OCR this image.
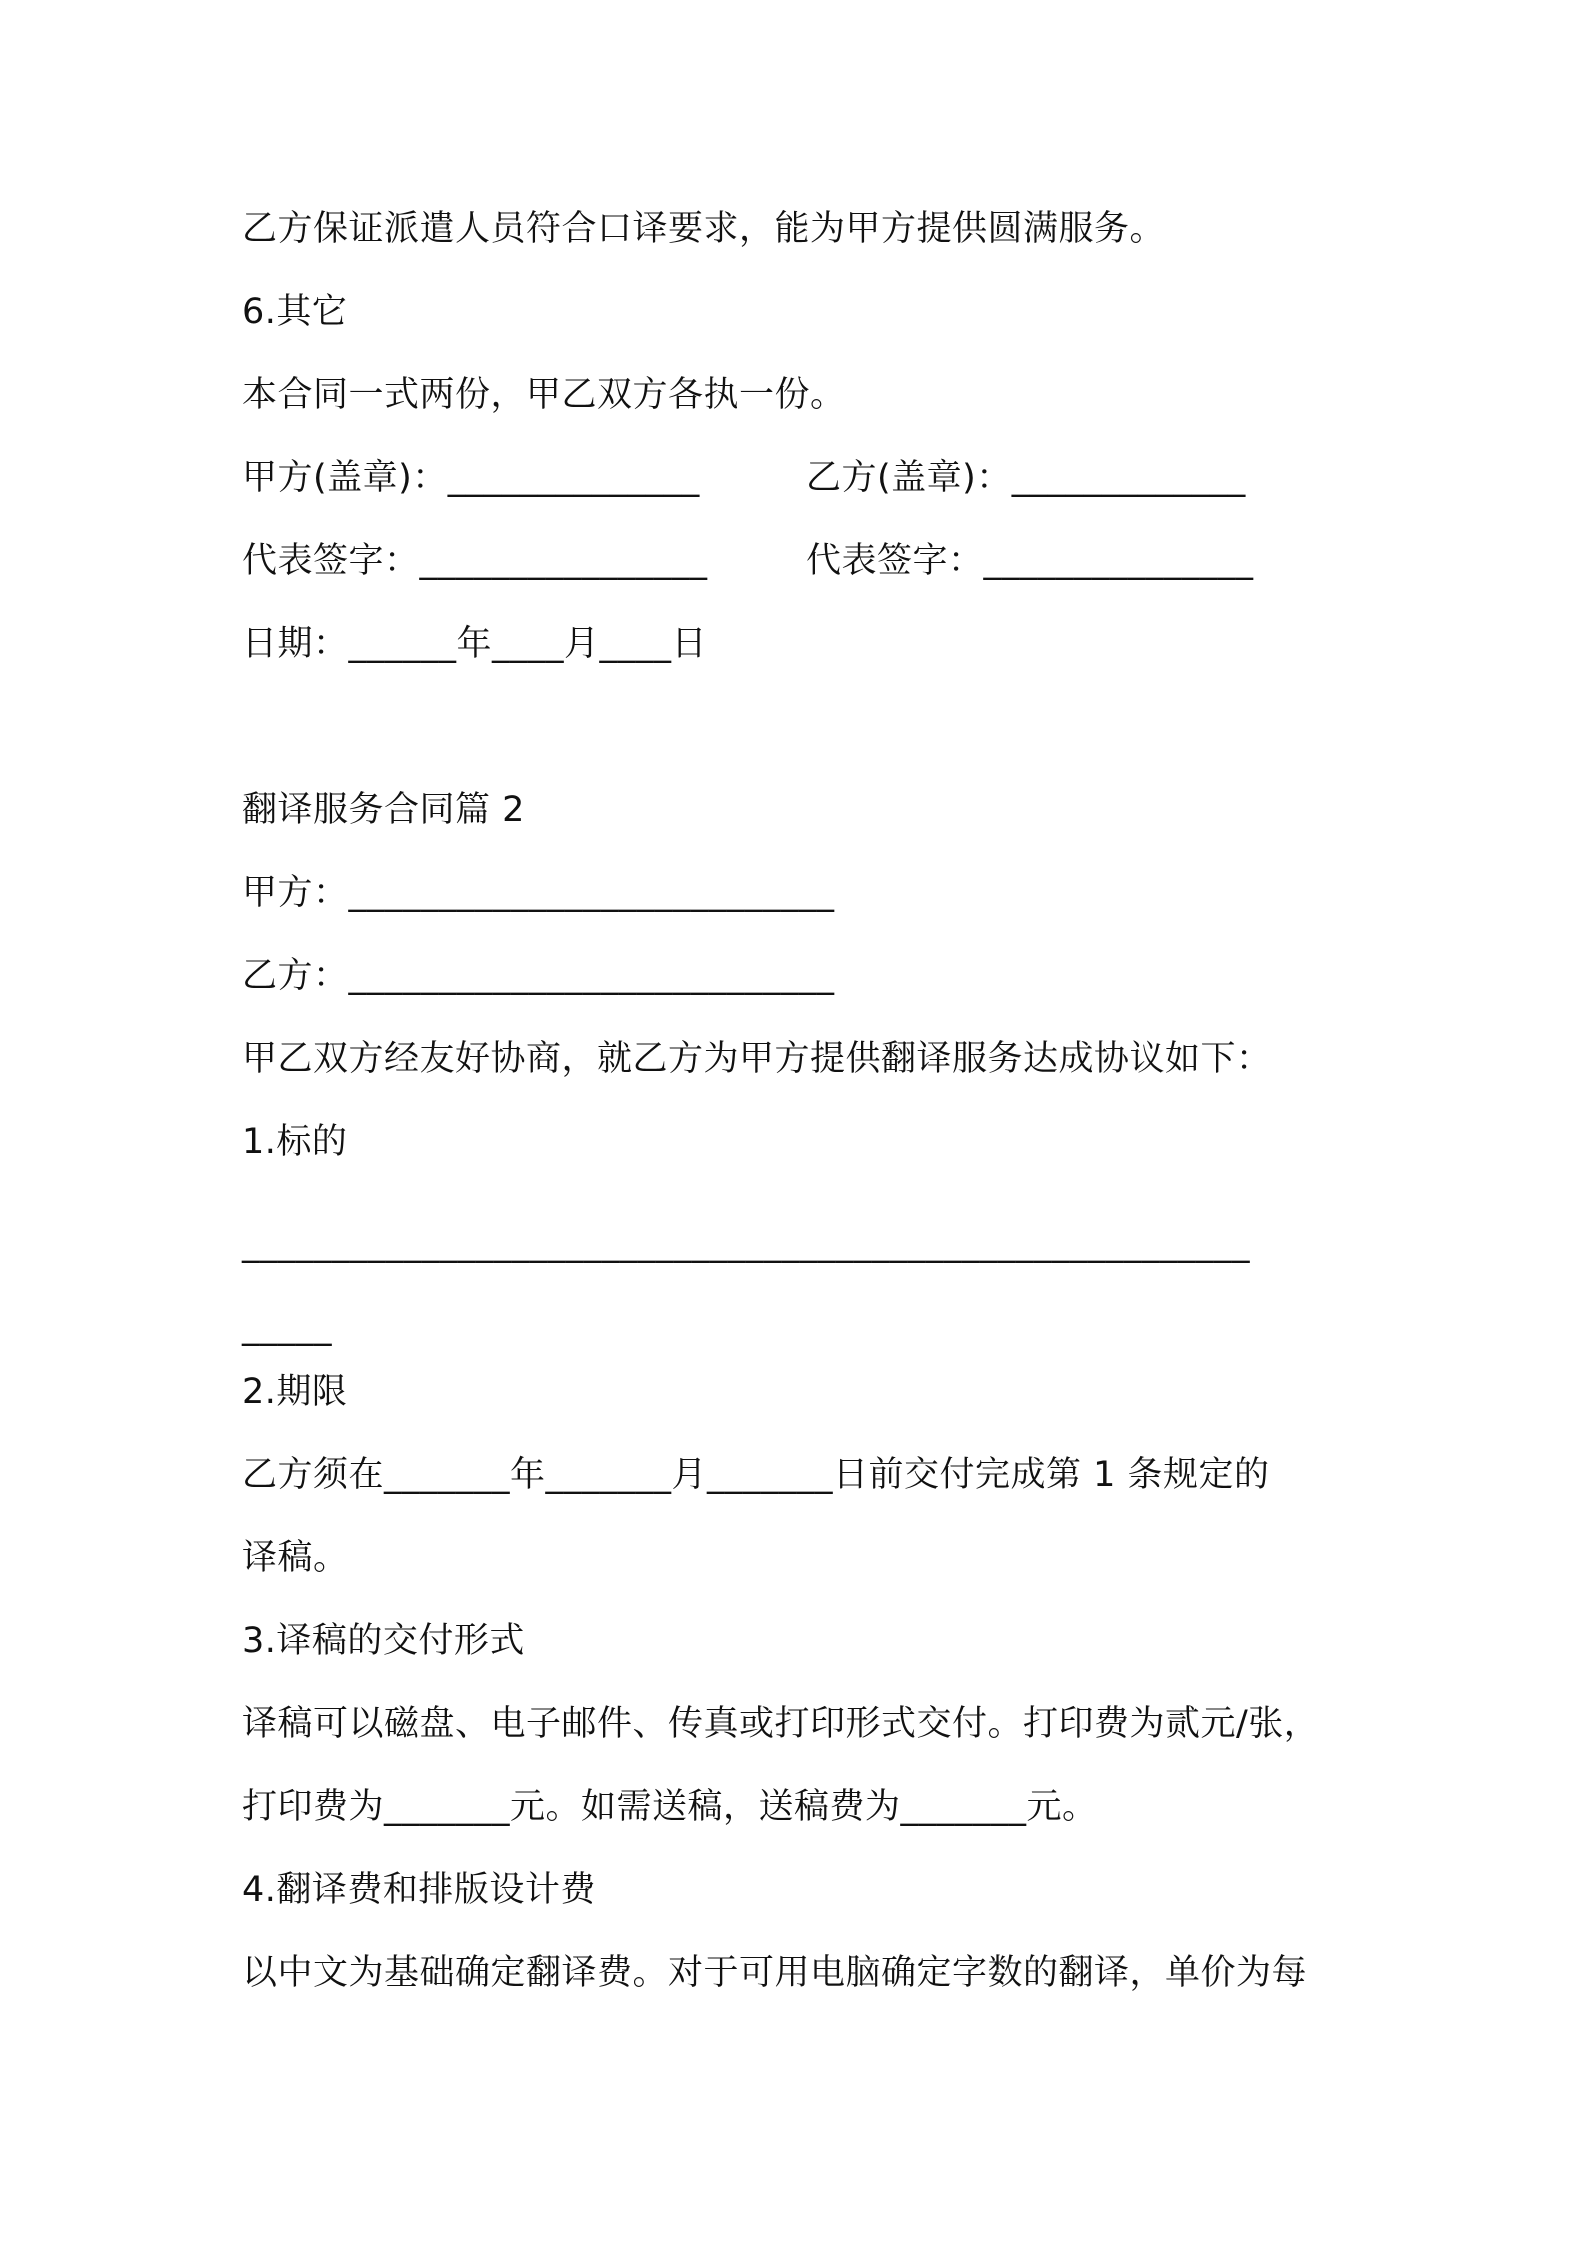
乙方保证派遣人员符合口译要求，能为甲方提供圆满服务。
6.其它
本合同一式两份，甲乙双方各执一份。
甲方(盖章)：______________	乙方(盖章)：_____________
代表签字：________________	代表签字：_______________
日期：______年____月____日
翻译服务合同篇 2
甲方：___________________________
乙方：___________________________
甲乙双方经友好协商，就乙方为甲方提供翻译服务达成协议如下：
1.标的
________________________________________________________
_____
2.期限
乙方须在_______年_______月_______日前交付完成第 1 条规定的
译稿。
3.译稿的交付形式
译稿可以磁盘、电子邮件、传真或打印形式交付。打印费为贰元/张，
打印费为_______元。如需送稿，送稿费为_______元。
4.翻译费和排版设计费
以中文为基础确定翻译费。对于可用电脑确定字数的翻译，单价为每
